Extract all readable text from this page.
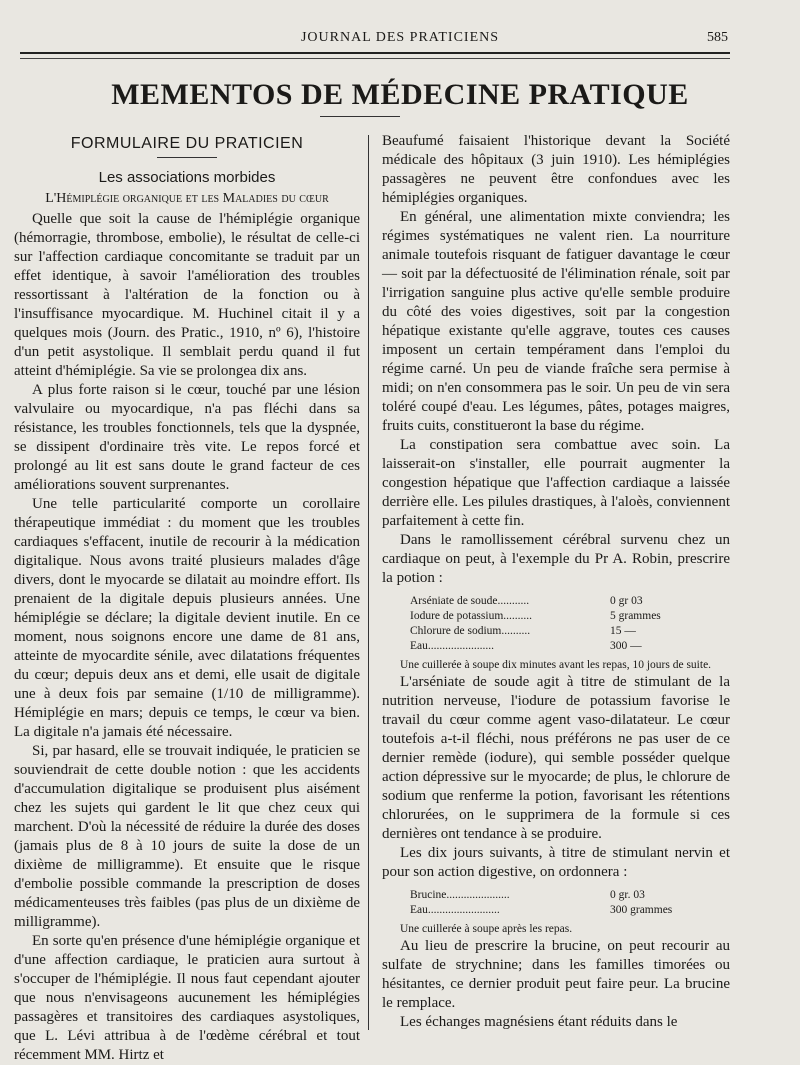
JOURNAL DES PRATICIENS	585
MEMENTOS DE MÉDECINE PRATIQUE
FORMULAIRE DU PRATICIEN
Les associations morbides
L'Hémiplégie organique et les Maladies du cœur

Quelle que soit la cause de l'hémiplégie organique (hémorragie, thrombose, embolie), le résultat de celle-ci sur l'affection cardiaque concomitante se traduit par un effet identique, à savoir l'amélioration des troubles ressortissant à l'altération de la fonction ou à l'insuffisance myocardique. M. Huchinel citait il y a quelques mois (Journ. des Pratic., 1910, nº 6), l'histoire d'un petit asystolique. Il semblait perdu quand il fut atteint d'hémiplégie. Sa vie se prolongea dix ans.

A plus forte raison si le cœur, touché par une lésion valvulaire ou myocardique, n'a pas fléchi dans sa résistance, les troubles fonctionnels, tels que la dyspnée, se dissipent d'ordinaire très vite. Le repos forcé et prolongé au lit est sans doute le grand facteur de ces améliorations souvent surprenantes.

Une telle particularité comporte un corollaire thérapeutique immédiat : du moment que les troubles cardiaques s'effacent, inutile de recourir à la médication digitalique. Nous avons traité plusieurs malades d'âge divers, dont le myocarde se dilatait au moindre effort. Ils prenaient de la digitale depuis plusieurs années. Une hémiplégie se déclare; la digitale devient inutile. En ce moment, nous soignons encore une dame de 81 ans, atteinte de myocardite sénile, avec dilatations fréquentes du cœur; depuis deux ans et demi, elle usait de digitale une à deux fois par semaine (1/10 de milligramme). Hémiplégie en mars; depuis ce temps, le cœur va bien. La digitale n'a jamais été nécessaire.

Si, par hasard, elle se trouvait indiquée, le praticien se souviendrait de cette double notion : que les accidents d'accumulation digitalique se produisent plus aisément chez les sujets qui gardent le lit que chez ceux qui marchent. D'où la nécessité de réduire la durée des doses (jamais plus de 8 à 10 jours de suite la dose de un dixième de milligramme). Et ensuite que le risque d'embolie possible commande la prescription de doses médicamenteuses très faibles (pas plus de un dixième de milligramme).

En sorte qu'en présence d'une hémiplégie organique et d'une affection cardiaque, le praticien aura surtout à s'occuper de l'hémiplégie. Il nous faut cependant ajouter que nous n'envisageons aucunement les hémiplégies passagères et transitoires des cardiaques asystoliques, que L. Lévi attribua à de l'œdème cérébral et tout récemment MM. Hirtz et

Beaufumé faisaient l'historique devant la Société médicale des hôpitaux (3 juin 1910). Les hémiplégies passagères ne peuvent être confondues avec les hémiplégies organiques.

En général, une alimentation mixte conviendra; les régimes systématiques ne valent rien. La nourriture animale toutefois risquant de fatiguer davantage le cœur — soit par la défectuosité de l'élimination rénale, soit par l'irrigation sanguine plus active qu'elle semble produire du côté des voies digestives, soit par la congestion hépatique existante qu'elle aggrave, toutes ces causes imposent un certain tempérament dans l'emploi du régime carné. Un peu de viande fraîche sera permise à midi; on n'en consommera pas le soir. Un peu de vin sera toléré coupé d'eau. Les légumes, pâtes, potages maigres, fruits cuits, constitueront la base du régime.

La constipation sera combattue avec soin. La laisserait-on s'installer, elle pourrait augmenter la congestion hépatique que l'affection cardiaque a laissée derrière elle. Les pilules drastiques, à l'aloès, conviennent parfaitement à cette fin.

Dans le ramollissement cérébral survenu chez un cardiaque on peut, à l'exemple du Pr A. Robin, prescrire la potion :

Arséniate de soude...........	0 gr 03
Iodure de potassium..........	5 grammes
Chlorure de sodium..........	15 —
Eau.......................	300 —

Une cuillerée à soupe dix minutes avant les repas, 10 jours de suite.

L'arséniate de soude agit à titre de stimulant de la nutrition nerveuse, l'iodure de potassium favorise le travail du cœur comme agent vaso-dilatateur. Le cœur toutefois a-t-il fléchi, nous préférons ne pas user de ce dernier remède (iodure), qui semble posséder quelque action dépressive sur le myocarde; de plus, le chlorure de sodium que renferme la potion, favorisant les rétentions chlorurées, on le supprimera de la formule si ces dernières ont tendance à se produire.

Les dix jours suivants, à titre de stimulant nervin et pour son action digestive, on ordonnera :

Brucine......................	0 gr. 03
Eau.........................	300 grammes

Une cuillerée à soupe après les repas.

Au lieu de prescrire la brucine, on peut recourir au sulfate de strychnine; dans les familles timorées ou hésitantes, ce dernier produit peut faire peur. La brucine le remplace.

Les échanges magnésiens étant réduits dans le
